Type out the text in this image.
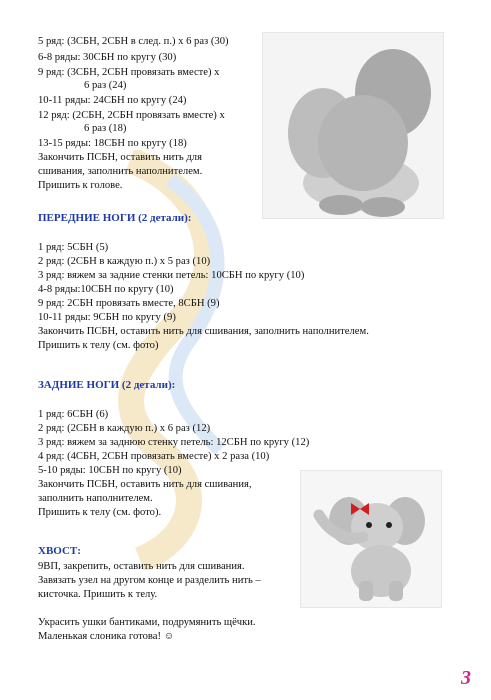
5 ряд: (3СБН, 2СБН в след. п.) х 6 раз (30)
6-8 ряды: 30СБН по кругу (30)
9 ряд: (3СБН, 2СБН провязать вместе) х
6 раз (24)
10-11 ряды: 24СБН по кругу (24)
12 ряд: (2СБН, 2СБН провязать вместе) х
6 раз (18)
13-15 ряды: 18СБН по кругу (18)
Закончить ПСБН, оставить нить для
сшивания, заполнить наполнителем.
Пришить к голове.
ПЕРЕДНИЕ НОГИ (2 детали):
1 ряд: 5СБН (5)
2 ряд: (2СБН в каждую п.) х 5 раз (10)
3 ряд: вяжем за задние стенки петель: 10СБН по кругу (10)
4-8 ряды:10СБН по кругу (10)
9 ряд: 2СБН провязать вместе, 8СБН (9)
10-11 ряды: 9СБН по кругу (9)
Закончить ПСБН, оставить нить для сшивания, заполнить наполнителем.
Пришить к телу (см. фото)
ЗАДНИЕ НОГИ (2 детали):
1 ряд: 6СБН (6)
2 ряд: (2СБН в каждую п.) х 6 раз (12)
3 ряд: вяжем за заднюю стенку петель: 12СБН по кругу (12)
4 ряд: (4СБН, 2СБН провязать вместе) х 2 раза (10)
5-10 ряды: 10СБН по кругу (10)
Закончить ПСБН, оставить нить для сшивания,
заполнить наполнителем.
Пришить к телу (см. фото).
ХВОСТ:
9ВП, закрепить, оставить нить для сшивания.
Завязать узел на другом конце и разделить нить –
кисточка. Пришить к телу.
Украсить ушки бантиками, подрумянить щёчки.
Маленькая слоника готова! ☺
3
